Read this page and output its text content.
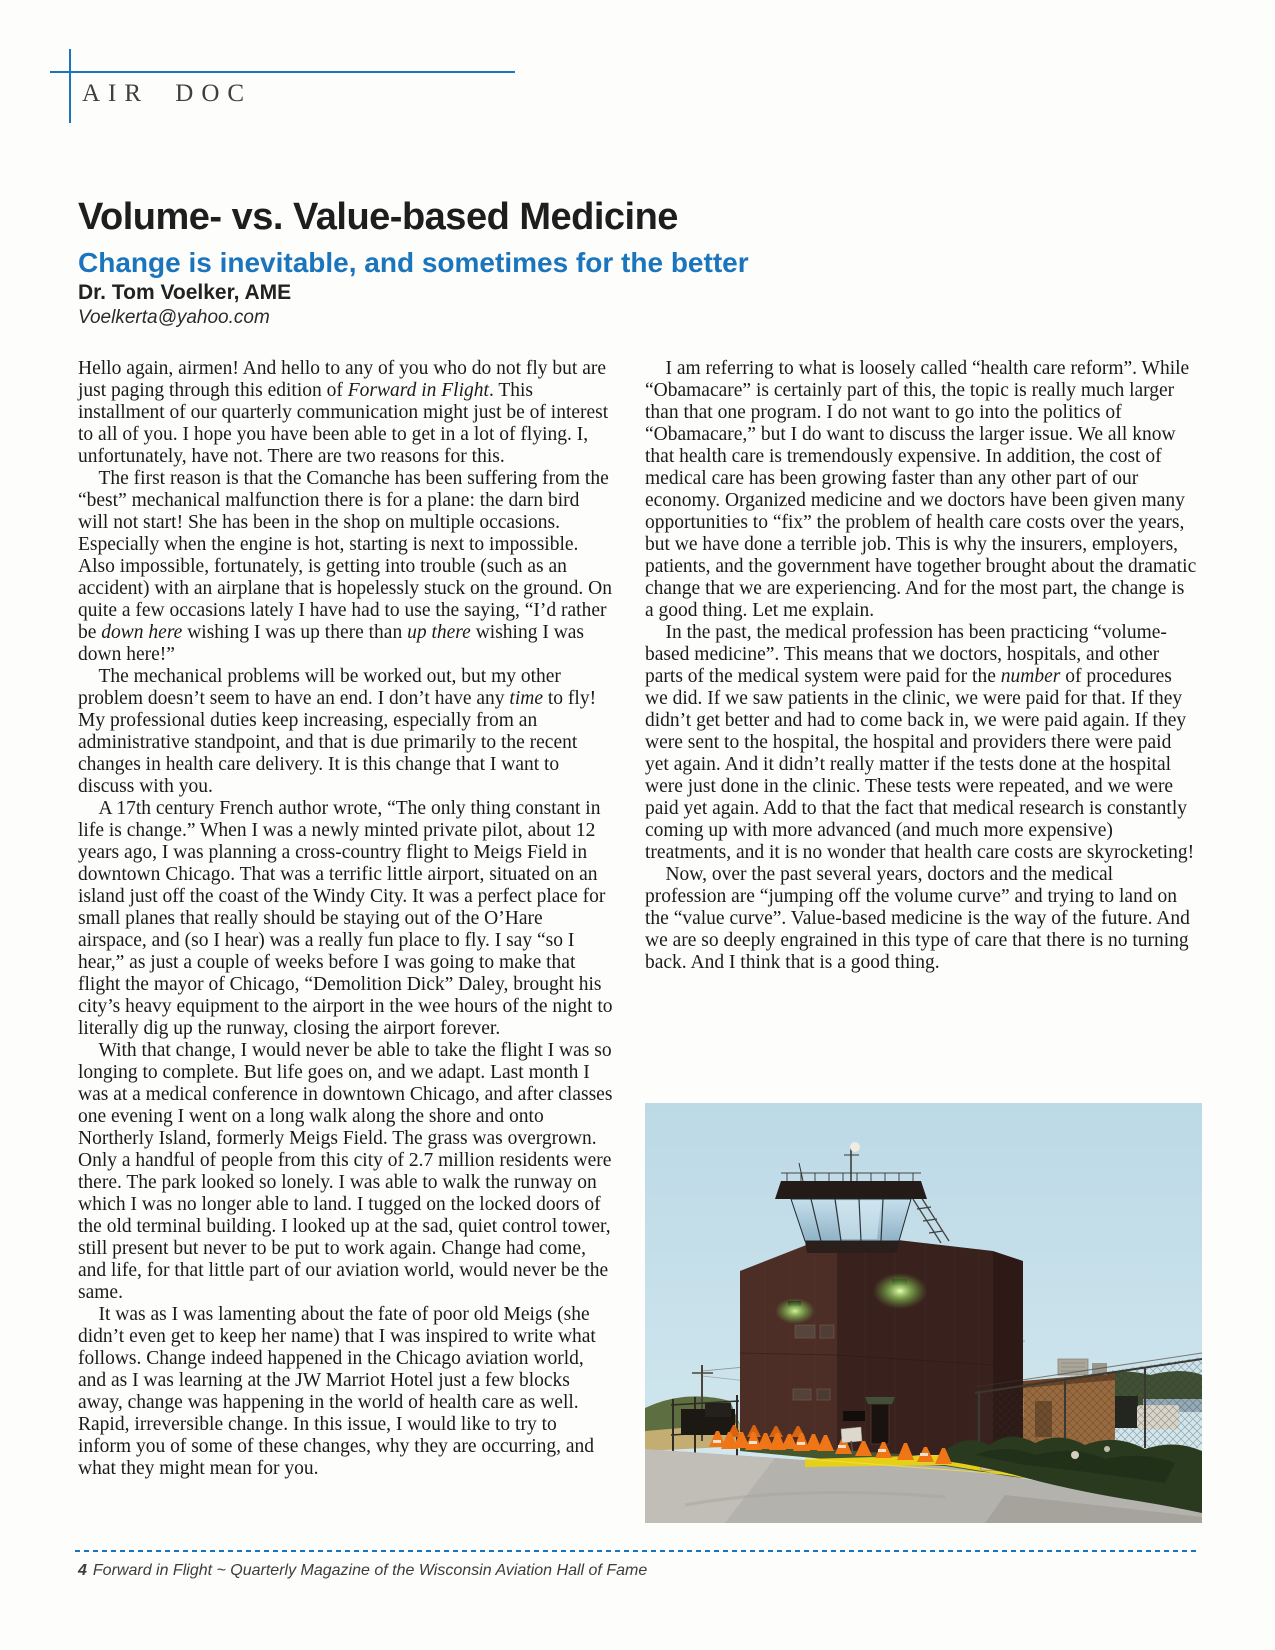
AIR DOC
Volume- vs. Value-based Medicine
Change is inevitable, and sometimes for the better
Dr. Tom Voelker, AME
Voelkerta@yahoo.com

Hello again, airmen! And hello to any of you who do not fly but are just paging through this edition of Forward in Flight. This installment of our quarterly communication might just be of interest to all of you. I hope you have been able to get in a lot of flying. I, unfortunately, have not. There are two reasons for this.

The first reason is that the Comanche has been suffering from the “best” mechanical malfunction there is for a plane: the darn bird will not start! She has been in the shop on multiple occasions. Especially when the engine is hot, starting is next to impossible. Also impossible, fortunately, is getting into trouble (such as an accident) with an airplane that is hopelessly stuck on the ground. On quite a few occasions lately I have had to use the saying, “I’d rather be down here wishing I was up there than up there wishing I was down here!”

The mechanical problems will be worked out, but my other problem doesn’t seem to have an end. I don’t have any time to fly! My professional duties keep increasing, especially from an administrative standpoint, and that is due primarily to the recent changes in health care delivery. It is this change that I want to discuss with you.

A 17th century French author wrote, “The only thing constant in life is change.” When I was a newly minted private pilot, about 12 years ago, I was planning a cross-country flight to Meigs Field in downtown Chicago. That was a terrific little airport, situated on an island just off the coast of the Windy City. It was a perfect place for small planes that really should be staying out of the O’Hare airspace, and (so I hear) was a really fun place to fly. I say “so I hear,” as just a couple of weeks before I was going to make that flight the mayor of Chicago, “Demolition Dick” Daley, brought his city’s heavy equipment to the airport in the wee hours of the night to literally dig up the runway, closing the airport forever.

With that change, I would never be able to take the flight I was so longing to complete. But life goes on, and we adapt. Last month I was at a medical conference in downtown Chicago, and after classes one evening I went on a long walk along the shore and onto Northerly Island, formerly Meigs Field. The grass was overgrown. Only a handful of people from this city of 2.7 million residents were there. The park looked so lonely. I was able to walk the runway on which I was no longer able to land. I tugged on the locked doors of the old terminal building. I looked up at the sad, quiet control tower, still present but never to be put to work again. Change had come, and life, for that little part of our aviation world, would never be the same.

It was as I was lamenting about the fate of poor old Meigs (she didn’t even get to keep her name) that I was inspired to write what follows. Change indeed happened in the Chicago aviation world, and as I was learning at the JW Marriot Hotel just a few blocks away, change was happening in the world of health care as well. Rapid, irreversible change. In this issue, I would like to try to inform you of some of these changes, why they are occurring, and what they might mean for you.

I am referring to what is loosely called “health care reform”. While “Obamacare” is certainly part of this, the topic is really much larger than that one program. I do not want to go into the politics of “Obamacare,” but I do want to discuss the larger issue. We all know that health care is tremendously expensive. In addition, the cost of medical care has been growing faster than any other part of our economy. Organized medicine and we doctors have been given many opportunities to “fix” the problem of health care costs over the years, but we have done a terrible job. This is why the insurers, employers, patients, and the government have together brought about the dramatic change that we are experiencing. And for the most part, the change is a good thing. Let me explain.

In the past, the medical profession has been practicing “volume-based medicine”. This means that we doctors, hospitals, and other parts of the medical system were paid for the number of procedures we did. If we saw patients in the clinic, we were paid for that. If they didn’t get better and had to come back in, we were paid again. If they were sent to the hospital, the hospital and providers there were paid yet again. And it didn’t really matter if the tests done at the hospital were just done in the clinic. These tests were repeated, and we were paid yet again. Add to that the fact that medical research is constantly coming up with more advanced (and much more expensive) treatments, and it is no wonder that health care costs are skyrocketing!

Now, over the past several years, doctors and the medical profession are “jumping off the volume curve” and trying to land on the “value curve”. Value-based medicine is the way of the future. And we are so deeply engrained in this type of care that there is no turning back. And I think that is a good thing.

4 Forward in Flight ~ Quarterly Magazine of the Wisconsin Aviation Hall of Fame
